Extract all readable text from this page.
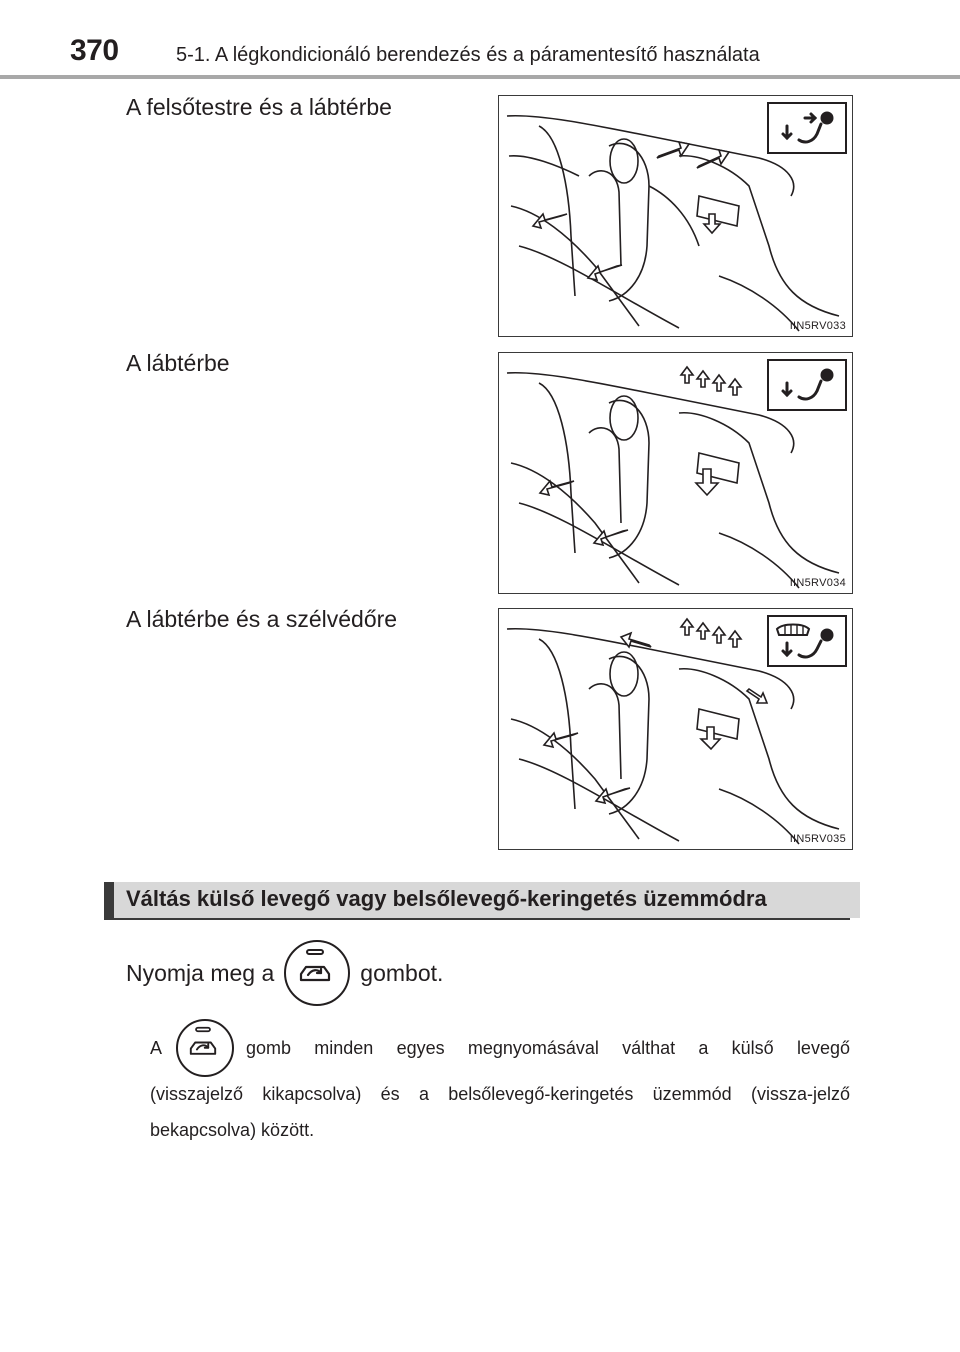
370	5-1. A légkondicionáló berendezés és a páramentesítő használata
A felsőtestre és a lábtérbe
IIN5RV033
A lábtérbe
IIN5RV034
A lábtérbe és a szélvédőre
IIN5RV035
Váltás külső levegő vagy belsőlevegő-keringetés üzemmódra
Nyomja meg a	gombot.
A	gomb minden egyes megnyomásával válthat a külső levegő
(visszajelző kikapcsolva) és a belsőlevegő-keringetés üzemmód (vissza-jelző bekapcsolva) között.
